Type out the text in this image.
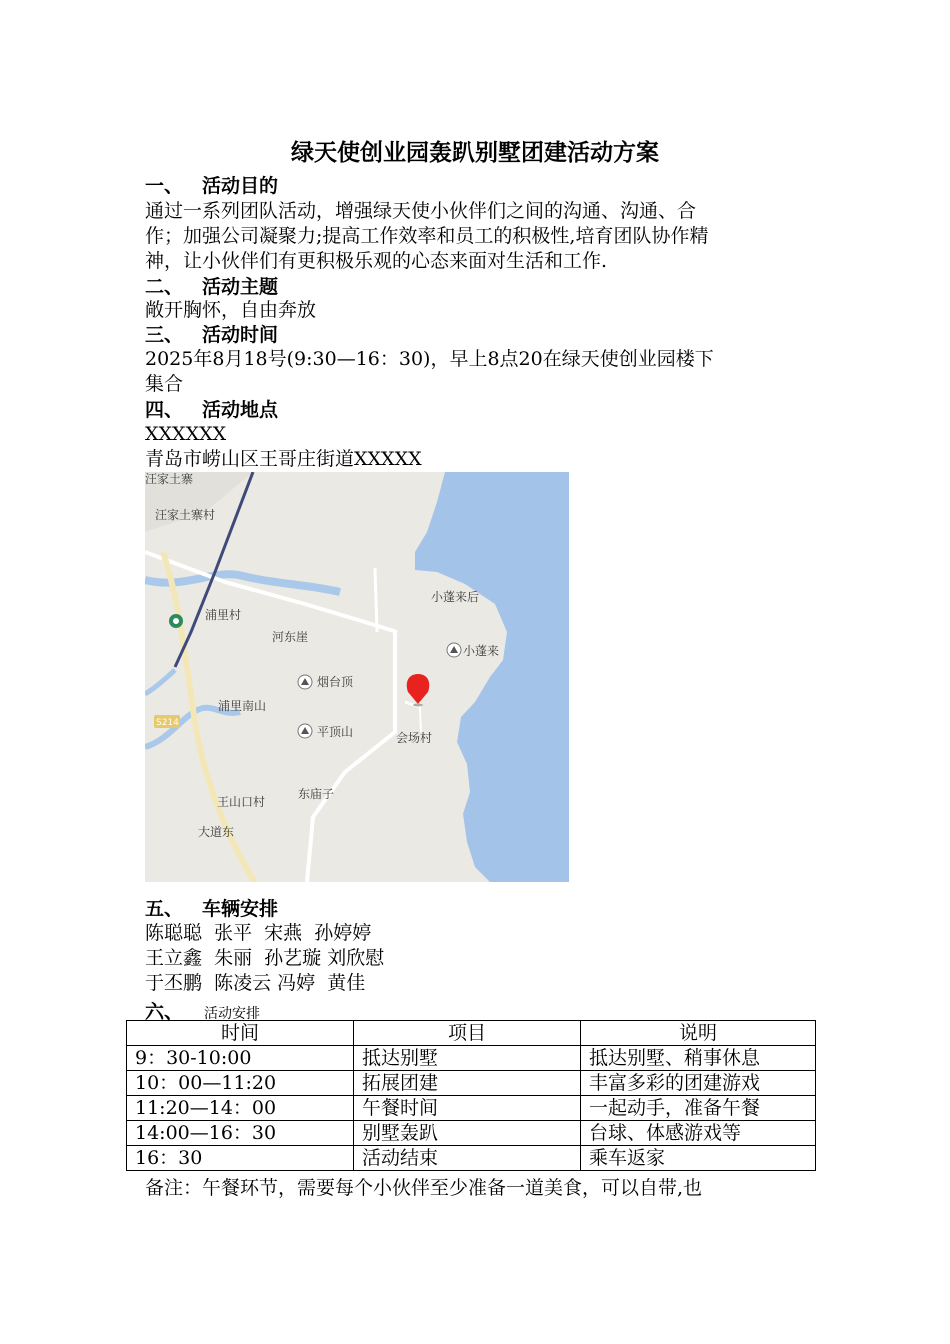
绿天使创业园轰趴别墅团建活动方案
一、 活动目的
通过一系列团队活动，增强绿天使小伙伴们之间的沟通、沟通、合
作；加强公司凝聚力;提高工作效率和员工的积极性,培育团队协作精
神，让小伙伴们有更积极乐观的心态来面对生活和工作.
二、 活动主题
敞开胸怀，自由奔放
三、 活动时间
2025年8月18号(9:30—16：30)，早上8点20在绿天使创业园楼下
集合
四、 活动地点
XXXXXX
青岛市崂山区王哥庄街道XXXXX
汪家土寨
汪家土寨村
小蓬来后
浦里村
河东崖
小蓬来
烟台顶
浦里南山
平顶山	会场村
东庙子
王山口村
大道东
S214
五、 车辆安排
陈聪聪  张平  宋燕  孙婷婷
王立鑫  朱丽  孙艺璇 刘欣慰
于丕鹏  陈凌云 冯婷  黄佳
六、 活动安排
时间	项目	说明
9：30-10:00	抵达别墅	抵达别墅、稍事休息
10：00—11:20	拓展团建	丰富多彩的团建游戏
11:20—14：00	午餐时间	一起动手，准备午餐
14:00—16：30	别墅轰趴	台球、体感游戏等
16：30	活动结束	乘车返家
备注：午餐环节，需要每个小伙伴至少准备一道美食，可以自带,也
